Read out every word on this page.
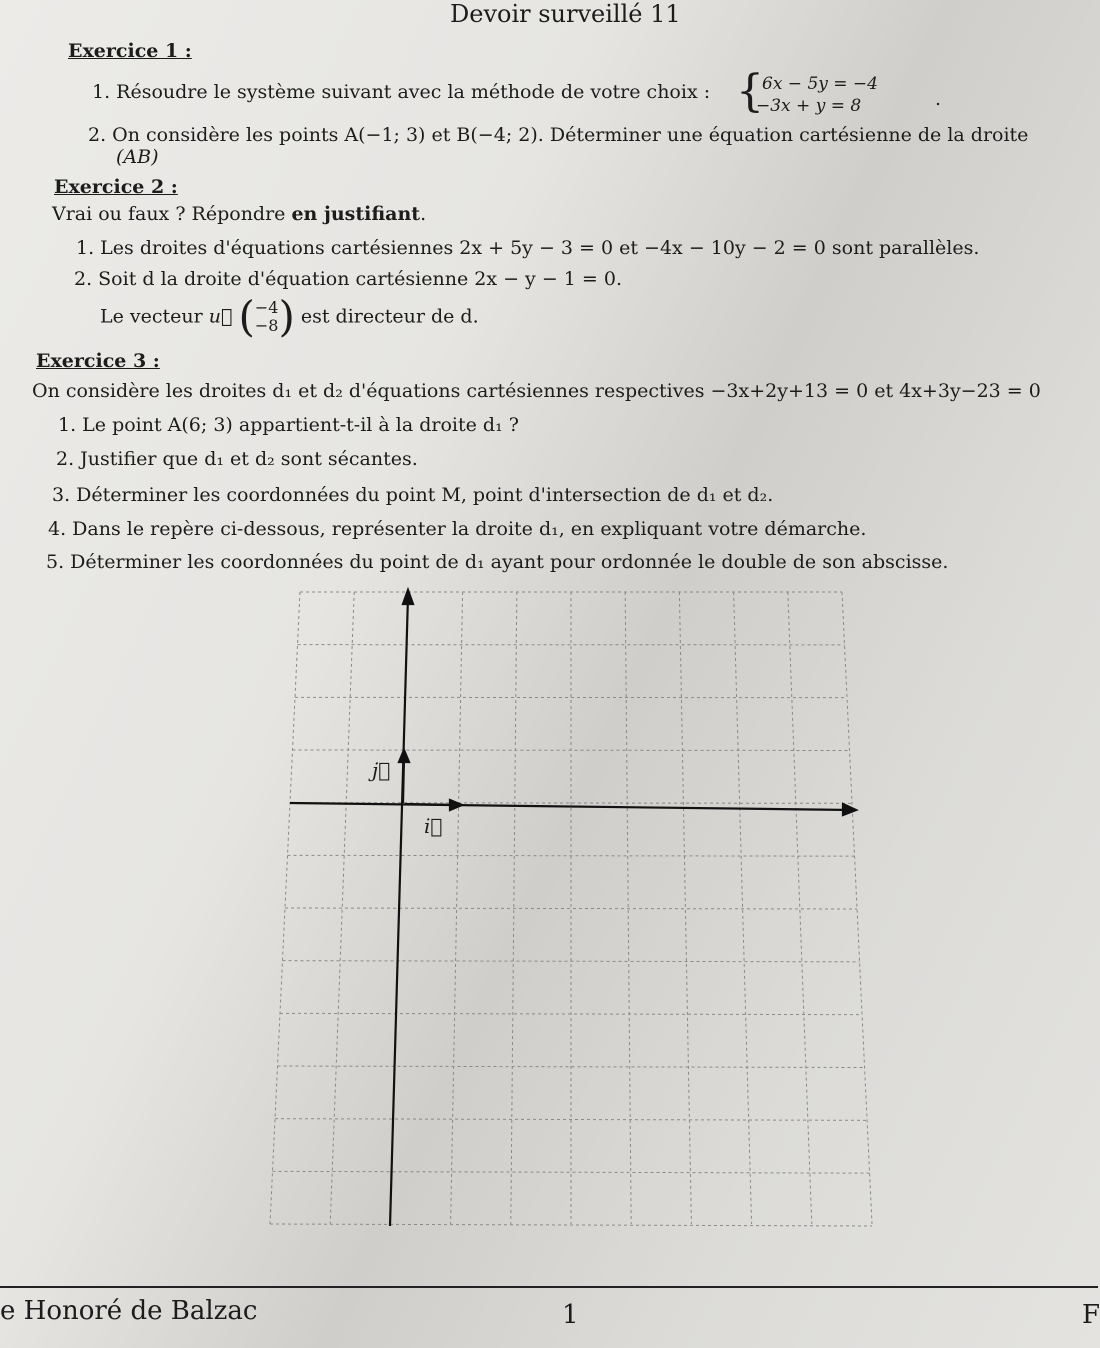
Devoir surveillé 11
Exercice 1 :
1. Résoudre le système suivant avec la méthode de votre choix : {
6x − 5y = −4
−3x + y = 8	.
2. On considère les points A(−1; 3) et B(−4; 2). Déterminer une équation cartésienne de la droite
(AB)
Exercice 2 :
Vrai ou faux ? Répondre en justifiant.
1. Les droites d'équations cartésiennes 2x + 5y − 3 = 0 et −4x − 10y − 2 = 0 sont parallèles.
2. Soit d la droite d'équation cartésienne 2x − y − 1 = 0.
Le vecteur u⃗ (−4
−8) est directeur de d.
Exercice 3 :
On considère les droites d₁ et d₂ d'équations cartésiennes respectives −3x+2y+13 = 0 et 4x+3y−23 = 0
1. Le point A(6; 3) appartient-t-il à la droite d₁ ?
2. Justifier que d₁ et d₂ sont sécantes.
3. Déterminer les coordonnées du point M, point d'intersection de d₁ et d₂.
4. Dans le repère ci-dessous, représenter la droite d₁, en expliquant votre démarche.
5. Déterminer les coordonnées du point de d₁ ayant pour ordonnée le double de son abscisse.
j⃗
i⃗
e Honoré de Balzac	1	F
